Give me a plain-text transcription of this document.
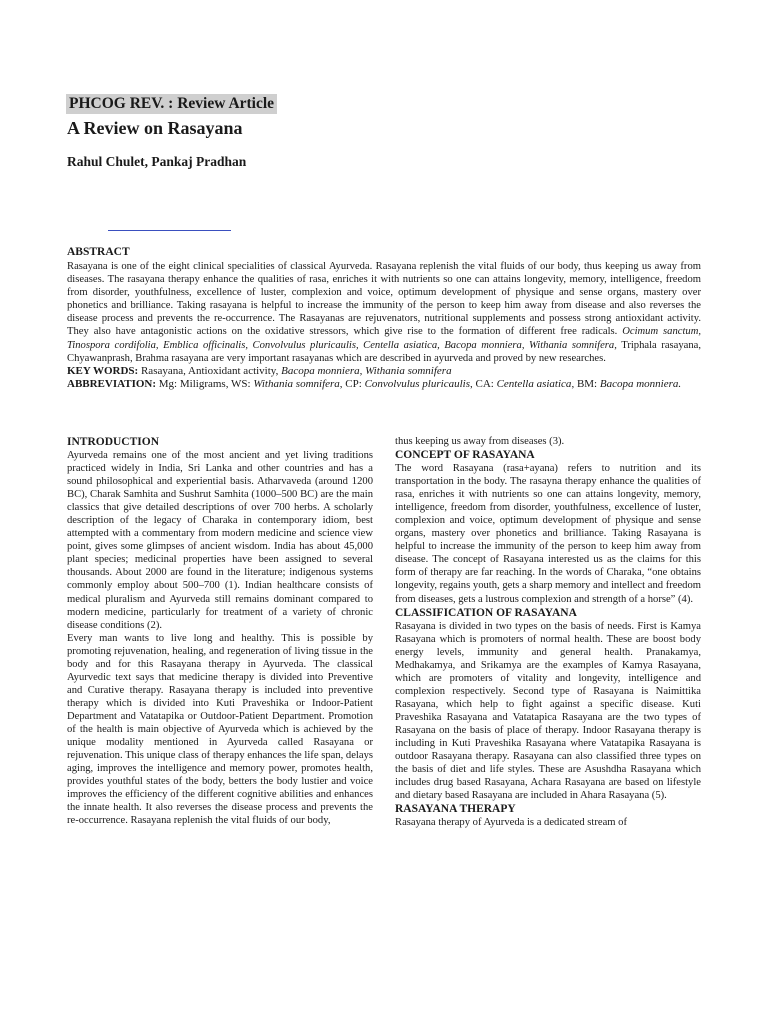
PHCOG REV. : Review Article
A Review on Rasayana
Rahul Chulet, Pankaj Pradhan
ABSTRACT

Rasayana is one of the eight clinical specialities of classical Ayurveda. Rasayana replenish the vital fluids of our body, thus keeping us away from diseases. The rasayana therapy enhance the qualities of rasa, enriches it with nutrients so one can attains longevity, memory, intelligence, freedom from disorder, youthfulness, excellence of luster, complexion and voice, optimum development of physique and sense organs, mastery over phonetics and brilliance. Taking rasayana is helpful to increase the immunity of the person to keep him away from disease and also reverses the disease process and prevents the re-occurrence. The Rasayanas are rejuvenators, nutritional supplements and possess strong antioxidant activity. They also have antagonistic actions on the oxidative stressors, which give rise to the formation of different free radicals. Ocimum sanctum, Tinospora cordifolia, Emblica officinalis, Convolvulus pluricaulis, Centella asiatica, Bacopa monniera, Withania somnifera, Triphala rasayana, Chyawanprash, Brahma rasayana are very important rasayanas which are described in ayurveda and proved by new researches.

KEY WORDS: Rasayana, Antioxidant activity, Bacopa monniera, Withania somnifera
ABBREVIATION: Mg: Miligrams, WS: Withania somnifera, CP: Convolvulus pluricaulis, CA: Centella asiatica, BM: Bacopa monniera.
INTRODUCTION

Ayurveda remains one of the most ancient and yet living traditions practiced widely in India, Sri Lanka and other countries and has a sound philosophical and experiential basis. Atharvaveda (around 1200 BC), Charak Samhita and Sushrut Samhita (1000–500 BC) are the main classics that give detailed descriptions of over 700 herbs. A scholarly description of the legacy of Charaka in contemporary idiom, best attempted with a commentary from modern medicine and science view point, gives some glimpses of ancient wisdom. India has about 45,000 plant species; medicinal properties have been assigned to several thousands. About 2000 are found in the literature; indigenous systems commonly employ about 500–700 (1). Indian healthcare consists of medical pluralism and Ayurveda still remains dominant compared to modern medicine, particularly for treatment of a variety of chronic disease conditions (2).

Every man wants to live long and healthy. This is possible by promoting rejuvenation, healing, and regeneration of living tissue in the body and for this Rasayana therapy in Ayurveda. The classical Ayurvedic text says that medicine therapy is divided into Preventive and Curative therapy. Rasayana therapy is included into preventive therapy which is divided into Kuti Praveshika or Indoor-Patient Department and Vatatapika or Outdoor-Patient Department. Promotion of the health is main objective of Ayurveda which is achieved by the unique modality mentioned in Ayurveda called Rasayana or rejuvenation. This unique class of therapy enhances the life span, delays aging, improves the intelligence and memory power, promotes health, provides youthful states of the body, betters the body lustier and voice improves the efficiency of the different cognitive abilities and enhances the innate health. It also reverses the disease process and prevents the re-occurrence. Rasayana replenish the vital fluids of our body,

thus keeping us away from diseases (3).

CONCEPT OF RASAYANA

The word Rasayana (rasa+ayana) refers to nutrition and its transportation in the body. The rasayna therapy enhance the qualities of rasa, enriches it with nutrients so one can attains longevity, memory, intelligence, freedom from disorder, youthfulness, excellence of luster, complexion and voice, optimum development of physique and sense organs, mastery over phonetics and brilliance. Taking Rasayana is helpful to increase the immunity of the person to keep him away from disease. The concept of Rasayana interested us as the claims for this form of therapy are far reaching. In the words of Charaka, “one obtains longevity, regains youth, gets a sharp memory and intellect and freedom from diseases, gets a lustrous complexion and strength of a horse” (4).

CLASSIFICATION OF RASAYANA

Rasayana is divided in two types on the basis of needs. First is Kamya Rasayana which is promoters of normal health. These are boost body energy levels, immunity and general health. Pranakamya, Medhakamya, and Srikamya are the examples of Kamya Rasayana, which are promoters of vitality and longevity, intelligence and complexion respectively. Second type of Rasayana is Naimittika Rasayana, which help to fight against a specific disease. Kuti Praveshika Rasayana and Vatatapica Rasayana are the two types of Rasayana on the basis of place of therapy. Indoor Rasayana therapy is including in Kuti Praveshika Rasayana where Vatatapika Rasayana is outdoor Rasayana therapy. Rasayana can also classified three types on the basis of diet and life styles. These are Asushdha Rasayana which includes drug based Rasayana, Achara Rasayana are based on lifestyle and dietary based Rasayana are included in Ahara Rasayana (5).

RASAYANA THERAPY

Rasayana therapy of Ayurveda is a dedicated stream of
